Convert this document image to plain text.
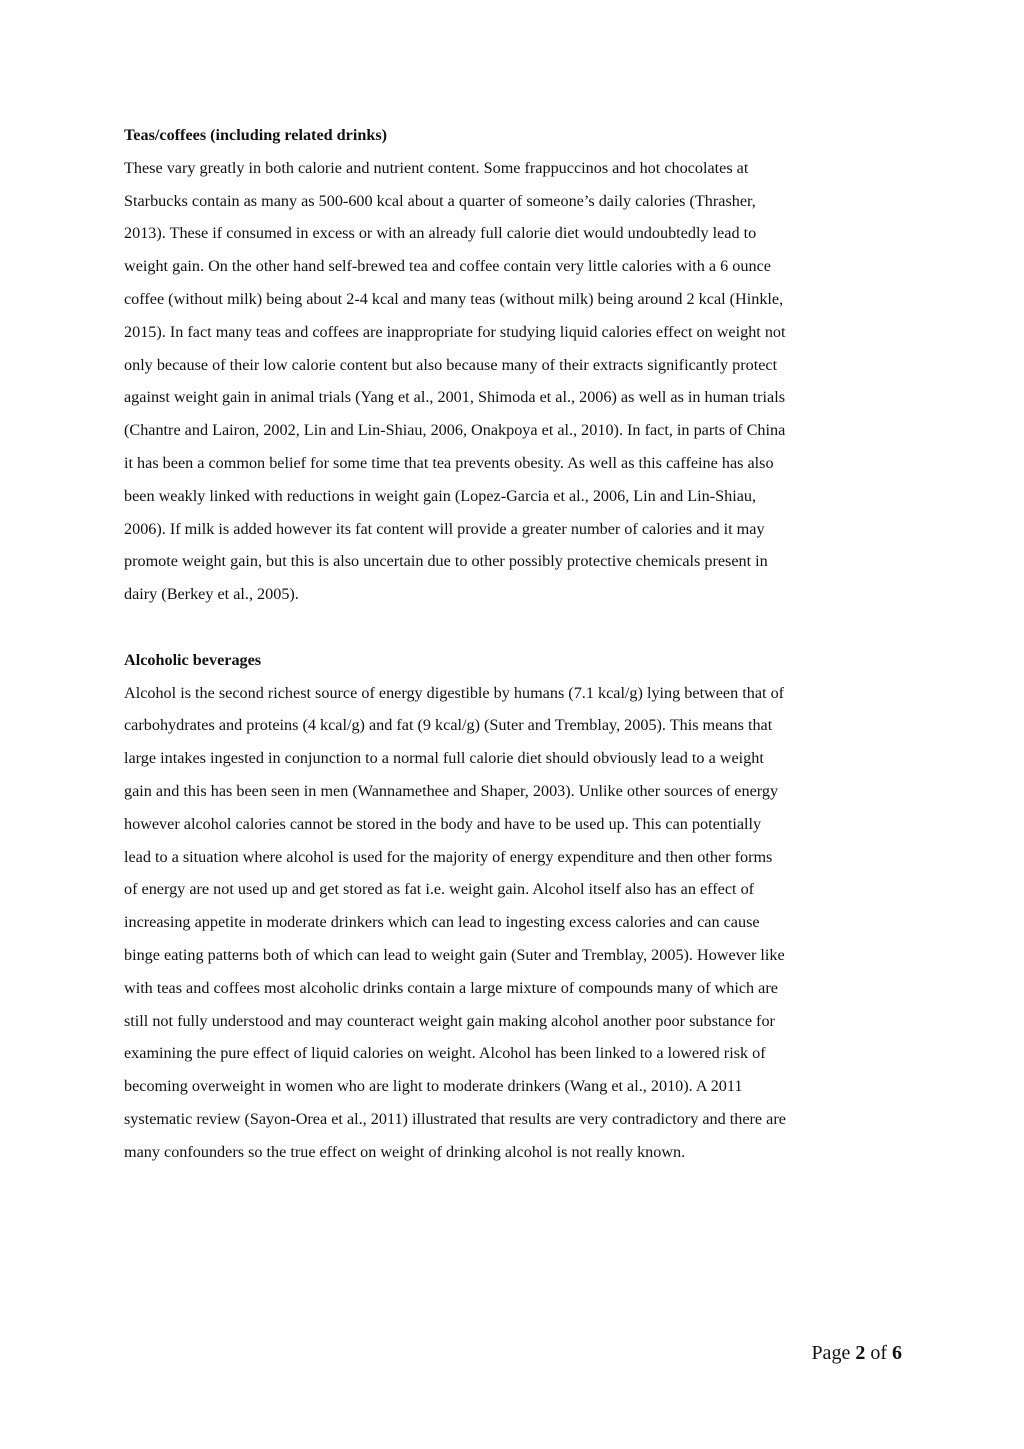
Teas/coffees (including related drinks)

These vary greatly in both calorie and nutrient content. Some frappuccinos and hot chocolates at
Starbucks contain as many as 500-600 kcal about a quarter of someone’s daily calories (Thrasher,
2013). These if consumed in excess or with an already full calorie diet would undoubtedly lead to
weight gain. On the other hand self-brewed tea and coffee contain very little calories with a 6 ounce
coffee (without milk) being about 2-4 kcal and many teas (without milk) being around 2 kcal (Hinkle,
2015). In fact many teas and coffees are inappropriate for studying liquid calories effect on weight not
only because of their low calorie content but also because many of their extracts significantly protect
against weight gain in animal trials (Yang et al., 2001, Shimoda et al., 2006) as well as in human trials
(Chantre and Lairon, 2002, Lin and Lin-Shiau, 2006, Onakpoya et al., 2010). In fact, in parts of China
it has been a common belief for some time that tea prevents obesity. As well as this caffeine has also
been weakly linked with reductions in weight gain (Lopez-Garcia et al., 2006, Lin and Lin-Shiau,
2006). If milk is added however its fat content will provide a greater number of calories and it may
promote weight gain, but this is also uncertain due to other possibly protective chemicals present in
dairy (Berkey et al., 2005).

Alcoholic beverages

Alcohol is the second richest source of energy digestible by humans (7.1 kcal/g) lying between that of
carbohydrates and proteins (4 kcal/g) and fat (9 kcal/g) (Suter and Tremblay, 2005). This means that
large intakes ingested in conjunction to a normal full calorie diet should obviously lead to a weight
gain and this has been seen in men (Wannamethee and Shaper, 2003). Unlike other sources of energy
however alcohol calories cannot be stored in the body and have to be used up. This can potentially
lead to a situation where alcohol is used for the majority of energy expenditure and then other forms
of energy are not used up and get stored as fat i.e. weight gain. Alcohol itself also has an effect of
increasing appetite in moderate drinkers which can lead to ingesting excess calories and can cause
binge eating patterns both of which can lead to weight gain (Suter and Tremblay, 2005). However like
with teas and coffees most alcoholic drinks contain a large mixture of compounds many of which are
still not fully understood and may counteract weight gain making alcohol another poor substance for
examining the pure effect of liquid calories on weight. Alcohol has been linked to a lowered risk of
becoming overweight in women who are light to moderate drinkers (Wang et al., 2010). A 2011
systematic review (Sayon-Orea et al., 2011) illustrated that results are very contradictory and there are
many confounders so the true effect on weight of drinking alcohol is not really known.

Page 2 of 6
